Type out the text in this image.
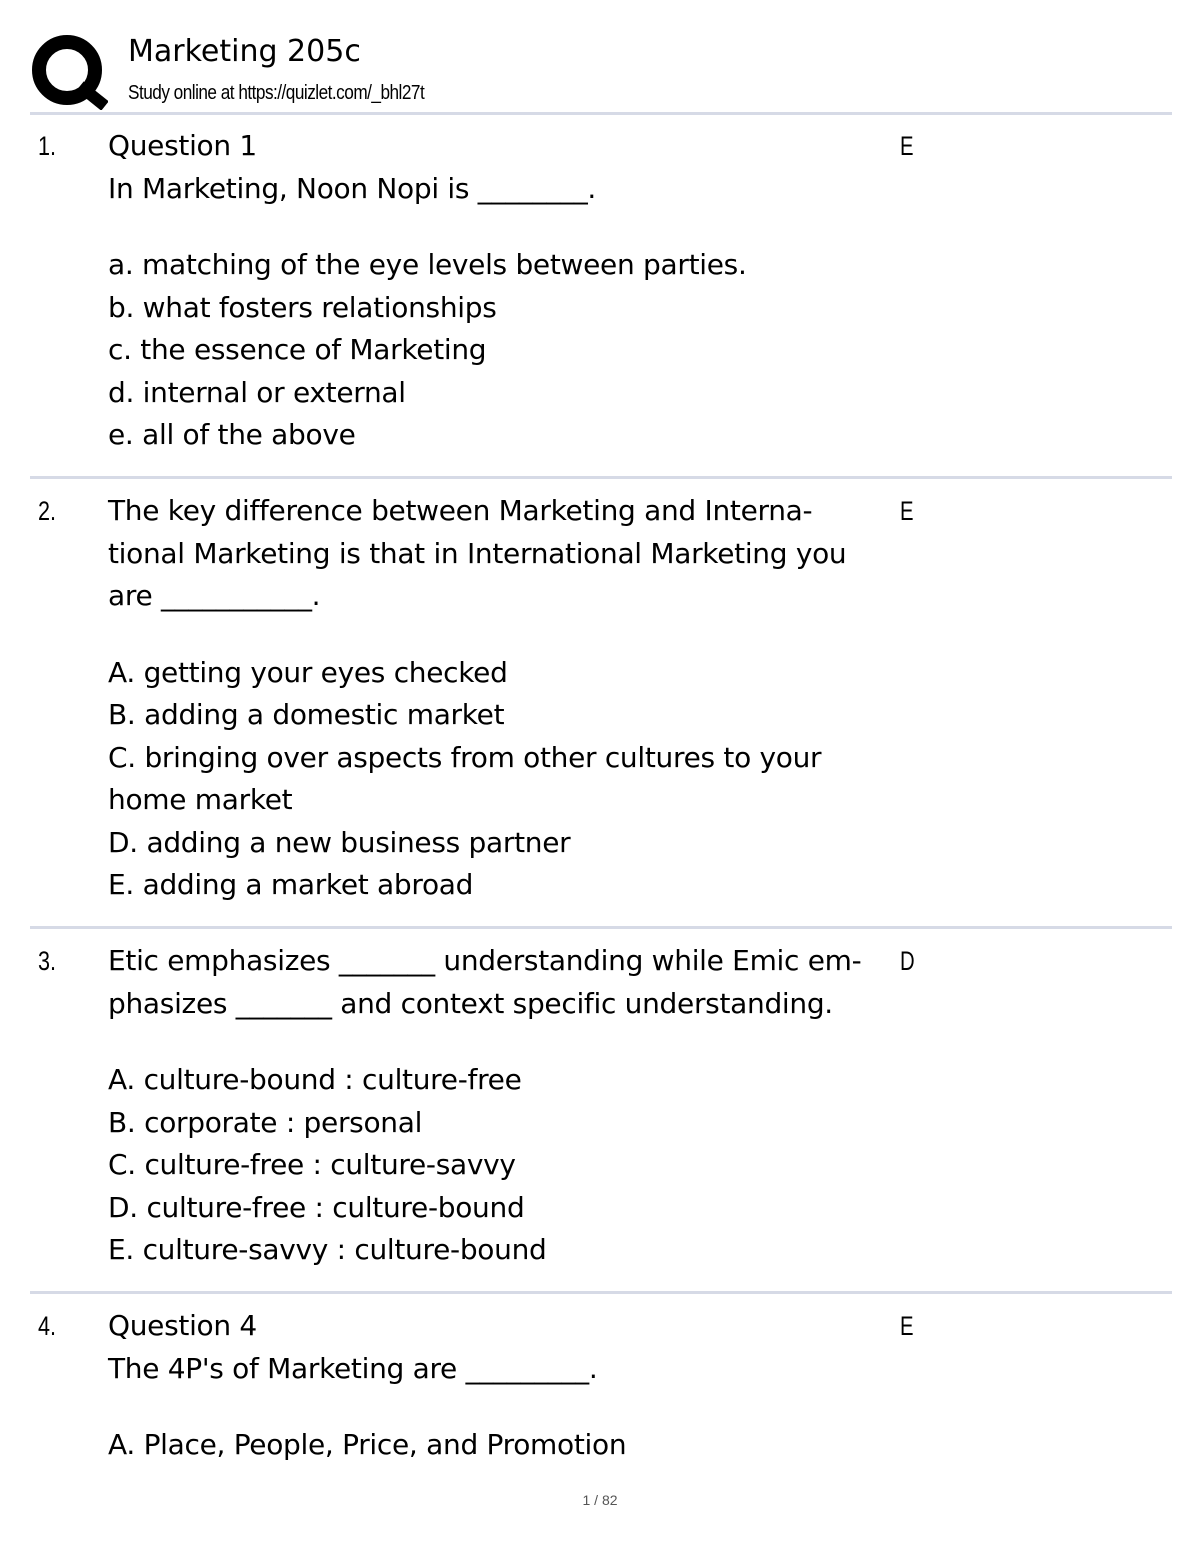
Marketing 205c
Study online at https://quizlet.com/_bhl27t
1. Question 1
In Marketing, Noon Nopi is ________.
a. matching of the eye levels between parties.
b. what fosters relationships
c. the essence of Marketing
d. internal or external
e. all of the above
E
2. The key difference between Marketing and Interna-
tional Marketing is that in International Marketing you
are ___________.
A. getting your eyes checked
B. adding a domestic market
C. bringing over aspects from other cultures to your
home market
D. adding a new business partner
E. adding a market abroad
E
3. Etic emphasizes _______ understanding while Emic em-
phasizes _______ and context specific understanding.
A. culture-bound : culture-free
B. corporate : personal
C. culture-free : culture-savvy
D. culture-free : culture-bound
E. culture-savvy : culture-bound
D
4. Question 4
The 4P's of Marketing are _________.
A. Place, People, Price, and Promotion
E
1 / 82
